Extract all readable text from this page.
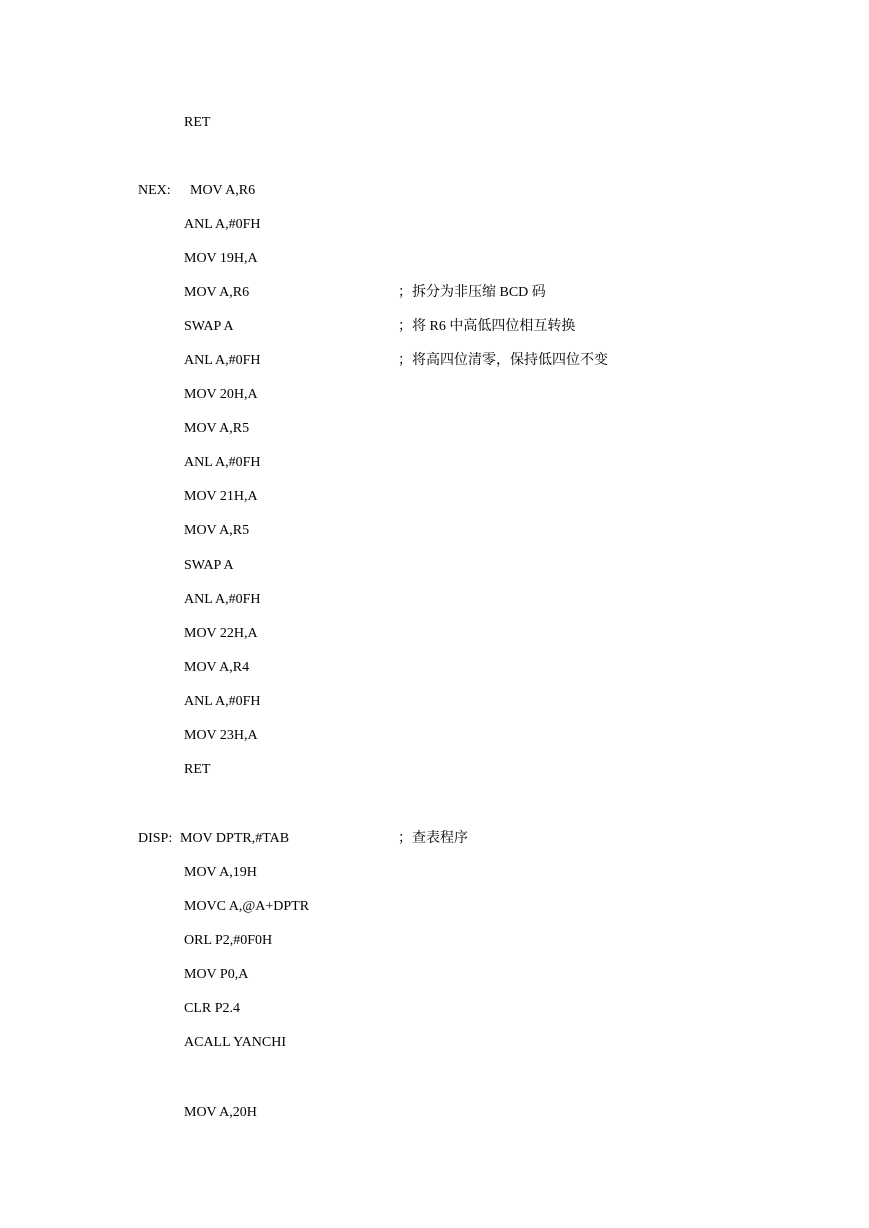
RET
NEX: MOV A,R6
ANL A,#0FH
MOV 19H,A
MOV A,R6	；拆分为非压缩 BCD 码
SWAP A	；将 R6 中高低四位相互转换
ANL A,#0FH	；将高四位清零，保持低四位不变
MOV 20H,A
MOV A,R5
ANL A,#0FH
MOV 21H,A
MOV A,R5
SWAP A
ANL A,#0FH
MOV 22H,A
MOV A,R4
ANL A,#0FH
MOV 23H,A
RET
DISP: MOV DPTR,#TAB	；查表程序
MOV A,19H
MOVC A,@A+DPTR
ORL P2,#0F0H
MOV P0,A
CLR P2.4
ACALL YANCHI
MOV A,20H
